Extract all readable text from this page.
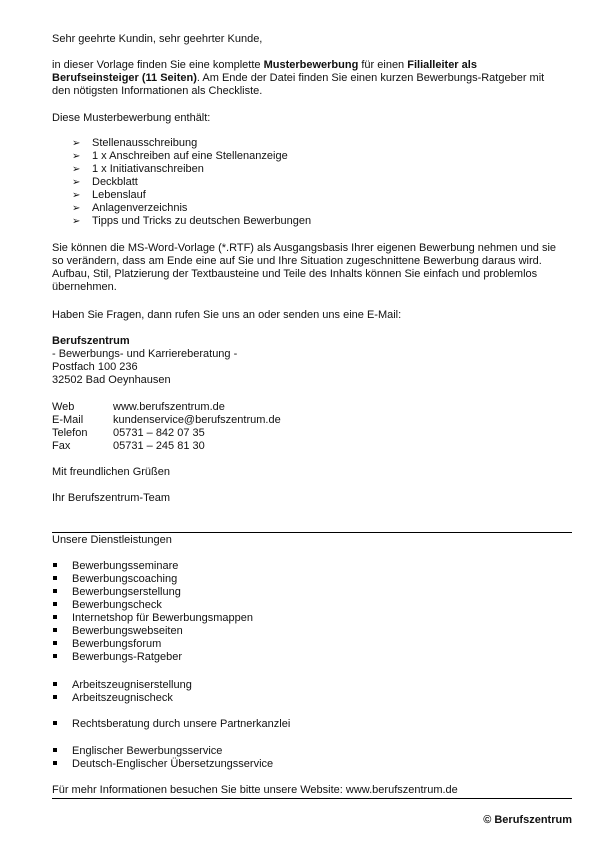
Sehr geehrte Kundin, sehr geehrter Kunde,
in dieser Vorlage finden Sie eine komplette Musterbewerbung für einen Filialleiter als Berufseinsteiger (11 Seiten). Am Ende der Datei finden Sie einen kurzen Bewerbungs-Ratgeber mit den nötigsten Informationen als Checkliste.
Diese Musterbewerbung enthält:
➢ Stellenausschreibung
➢ 1 x Anschreiben auf eine Stellenanzeige
➢ 1 x Initiativanschreiben
➢ Deckblatt
➢ Lebenslauf
➢ Anlagenverzeichnis
➢ Tipps und Tricks zu deutschen Bewerbungen
Sie können die MS-Word-Vorlage (*.RTF) als Ausgangsbasis Ihrer eigenen Bewerbung nehmen und sie so verändern, dass am Ende eine auf Sie und Ihre Situation zugeschnittene Bewerbung daraus wird. Aufbau, Stil, Platzierung der Textbausteine und Teile des Inhalts können Sie einfach und problemlos übernehmen.
Haben Sie Fragen, dann rufen Sie uns an oder senden uns eine E-Mail:
Berufszentrum
- Bewerbungs- und Karriereberatung -
Postfach 100 236
32502 Bad Oeynhausen
Web	www.berufszentrum.de
E-Mail	kundenservice@berufszentrum.de
Telefon 05731 – 842 07 35
Fax	05731 – 245 81 30
Mit freundlichen Grüßen
Ihr Berufszentrum-Team
Unsere Dienstleistungen
Bewerbungsseminare
Bewerbungscoaching
Bewerbungserstellung
Bewerbungscheck
Internetshop für Bewerbungsmappen
Bewerbungswebseiten
Bewerbungsforum
Bewerbungs-Ratgeber
Arbeitszeugniserstellung
Arbeitszeugnischeck
Rechtsberatung durch unsere Partnerkanzlei
Englischer Bewerbungsservice
Deutsch-Englischer Übersetzungsservice
Für mehr Informationen besuchen Sie bitte unsere Website: www.berufszentrum.de
© Berufszentrum
